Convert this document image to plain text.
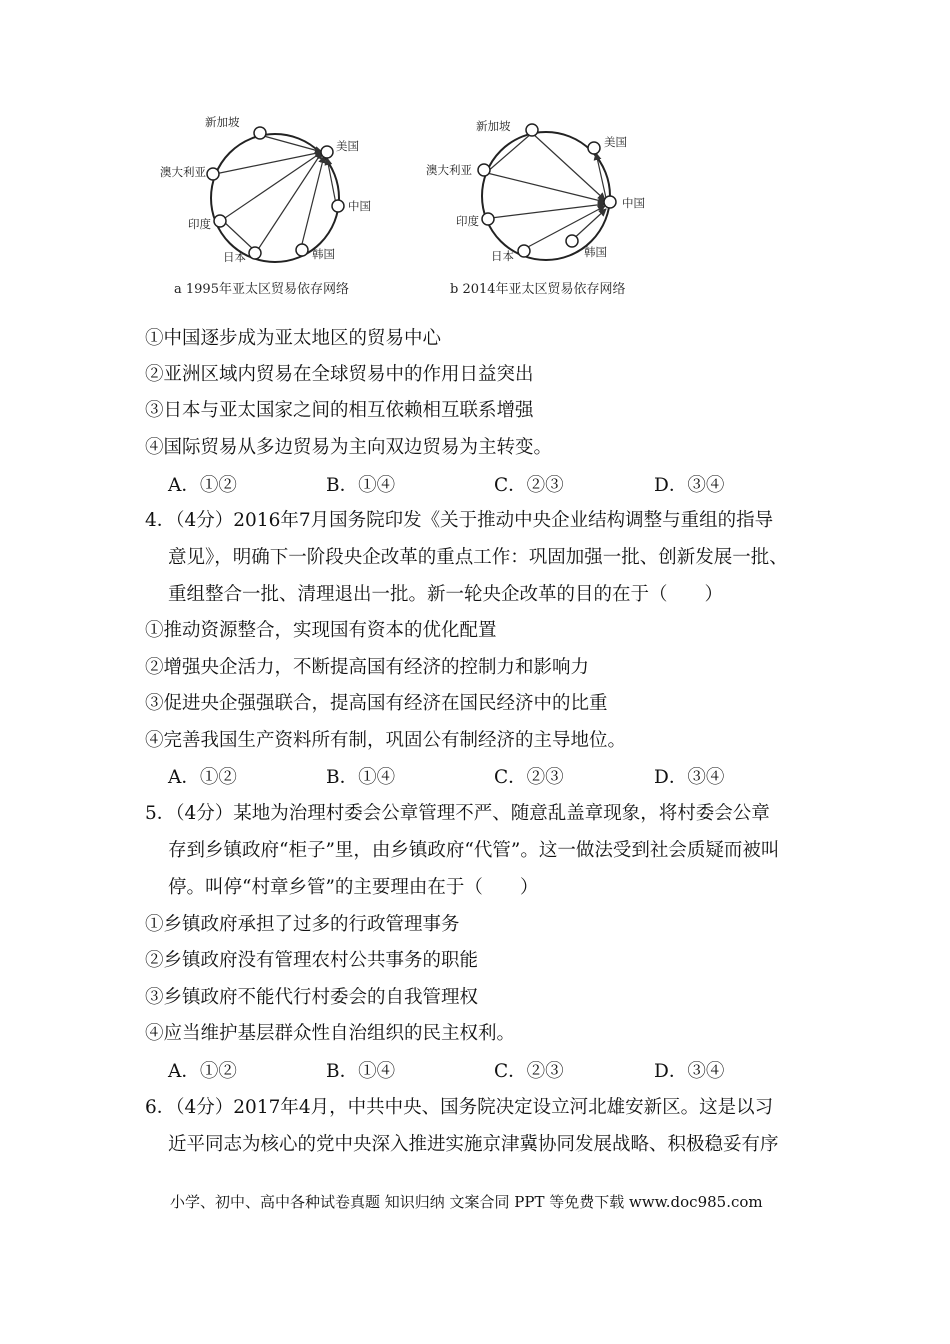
新加坡
美国
澳大利亚
中国
印度
日本	韩国
a 1995年亚太区贸易依存网络
新加坡
美国
澳大利亚
中国
印度
日本	韩国
b 2014年亚太区贸易依存网络
①中国逐步成为亚太地区的贸易中心
②亚洲区域内贸易在全球贸易中的作用日益突出
③日本与亚太国家之间的相互依赖相互联系增强
④国际贸易从多边贸易为主向双边贸易为主转变。
A．①②	B．①④	C．②③	D．③④
4．（4分）2016年7月国务院印发《关于推动中央企业结构调整与重组的指导
意见》，明确下一阶段央企改革的重点工作：巩固加强一批、创新发展一批、
重组整合一批、清理退出一批。新一轮央企改革的目的在于（　　）
①推动资源整合，实现国有资本的优化配置
②增强央企活力，不断提高国有经济的控制力和影响力
③促进央企强强联合，提高国有经济在国民经济中的比重
④完善我国生产资料所有制，巩固公有制经济的主导地位。
A．①②	B．①④	C．②③	D．③④
5．（4分）某地为治理村委会公章管理不严、随意乱盖章现象，将村委会公章
存到乡镇政府“柜子”里，由乡镇政府“代管”。这一做法受到社会质疑而被叫
停。叫停“村章乡管”的主要理由在于（　　）
①乡镇政府承担了过多的行政管理事务
②乡镇政府没有管理农村公共事务的职能
③乡镇政府不能代行村委会的自我管理权
④应当维护基层群众性自治组织的民主权利。
A．①②	B．①④	C．②③	D．③④
6．（4分）2017年4月，中共中央、国务院决定设立河北雄安新区。这是以习
近平同志为核心的党中央深入推进实施京津冀协同发展战略、积极稳妥有序
小学、初中、高中各种试卷真题 知识归纳 文案合同 PPT 等免费下载 www.doc985.com
